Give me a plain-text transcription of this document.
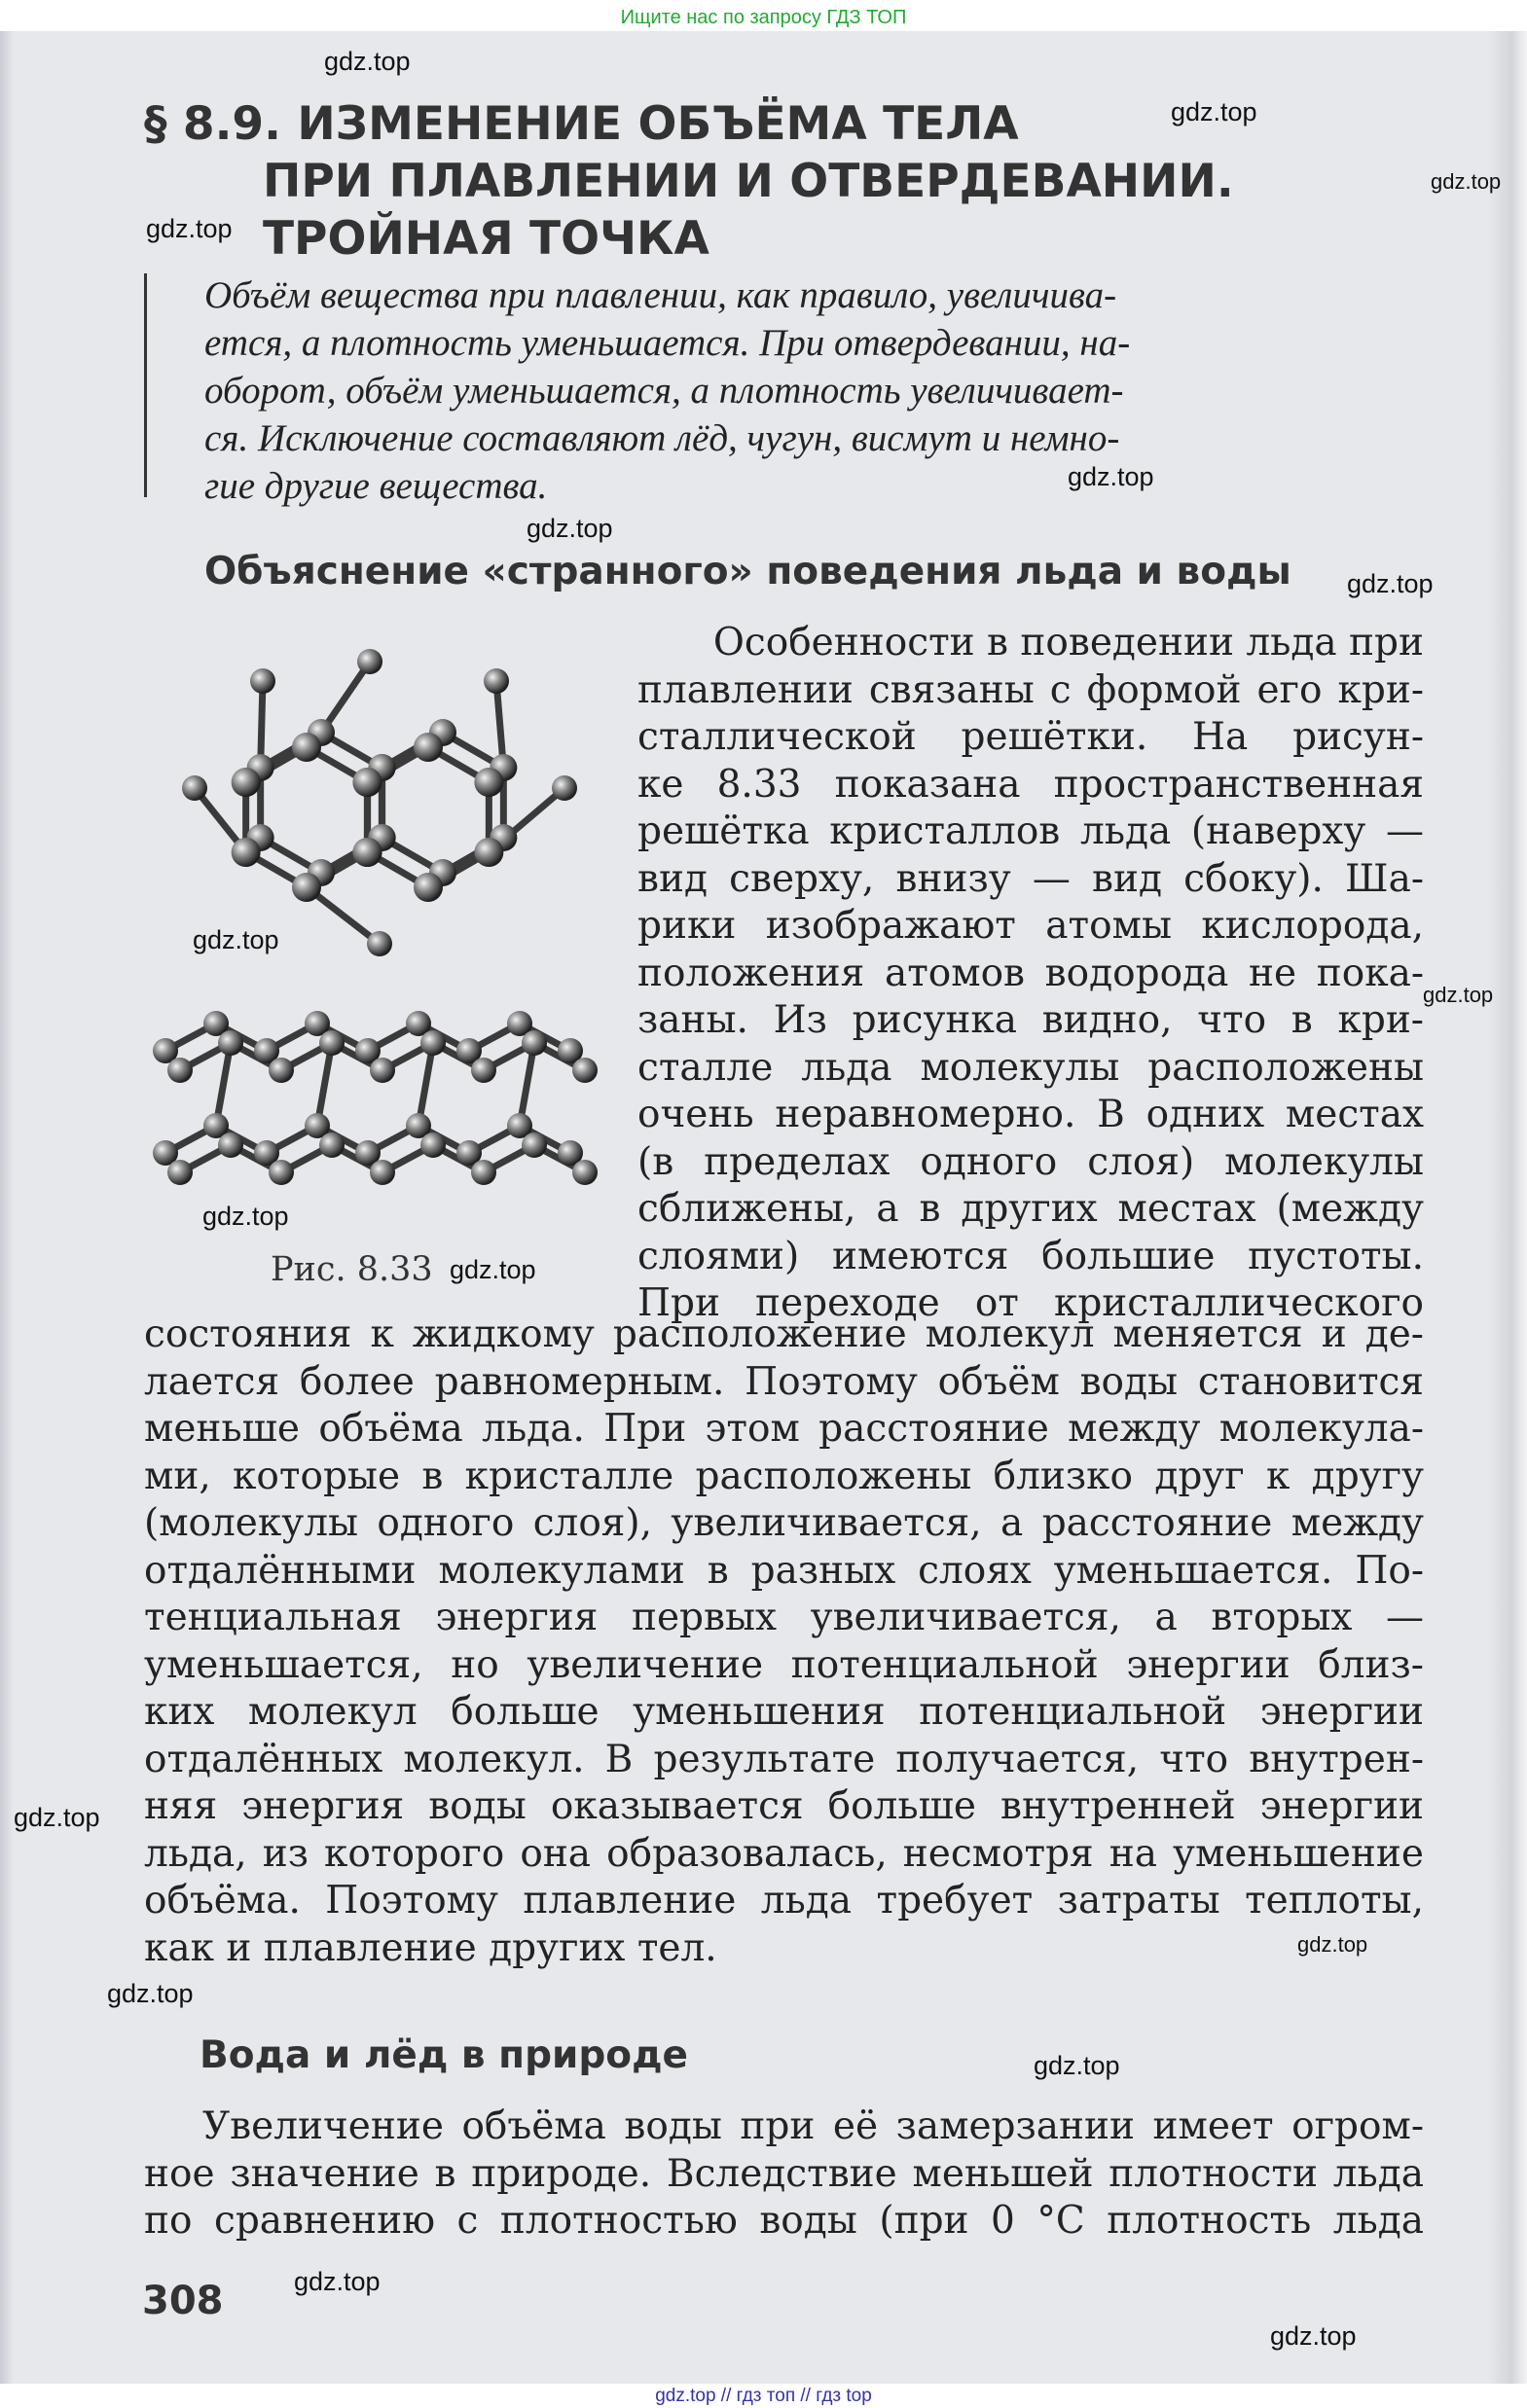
Ищите нас по запросу ГДЗ ТОП
§ 8.9. ИЗМЕНЕНИЕ ОБЪЁМА ТЕЛА
ПРИ ПЛАВЛЕНИИ И ОТВЕРДЕВАНИИ.
ТРОЙНАЯ ТОЧКА
Объём вещества при плавлении, как правило, увеличива-
ется, а плотность уменьшается. При отвердевании, на-
оборот, объём уменьшается, а плотность увеличивает-
ся. Исключение составляют лёд, чугун, висмут и немно-
гие другие вещества.
Объяснение «странного» поведения льда и воды
Рис. 8.33
Особенности в поведении льда при
плавлении связаны с формой его кри-
сталлической решётки. На рисун-
ке 8.33 показана пространственная
решётка кристаллов льда (наверху —
вид сверху, внизу — вид сбоку). Ша-
рики изображают атомы кислорода,
положения атомов водорода не пока-
заны. Из рисунка видно, что в кри-
сталле льда молекулы расположены
очень неравномерно. В одних местах
(в пределах одного слоя) молекулы
сближены, а в других местах (между
слоями) имеются большие пустоты.
При переходе от кристаллического
состояния к жидкому расположение молекул меняется и де-
лается более равномерным. Поэтому объём воды становится
меньше объёма льда. При этом расстояние между молекула-
ми, которые в кристалле расположены близко друг к другу
(молекулы одного слоя), увеличивается, а расстояние между
отдалёнными молекулами в разных слоях уменьшается. По-
тенциальная энергия первых увеличивается, а вторых —
уменьшается, но увеличение потенциальной энергии близ-
ких молекул больше уменьшения потенциальной энергии
отдалённых молекул. В результате получается, что внутрен-
няя энергия воды оказывается больше внутренней энергии
льда, из которого она образовалась, несмотря на уменьшение
объёма. Поэтому плавление льда требует затраты теплоты,
как и плавление других тел.
Вода и лёд в природе
Увеличение объёма воды при её замерзании имеет огром-
ное значение в природе. Вследствие меньшей плотности льда
по сравнению с плотностью воды (при 0 °С плотность льда
308
gdz.top
gdz.top
gdz.top
gdz.top
gdz.top
gdz.top
gdz.top
gdz.top
gdz.top
gdz.top
gdz.top
gdz.top
gdz.top
gdz.top
gdz.top
gdz.top
gdz.top
gdz.top // гдз топ // гдз top
